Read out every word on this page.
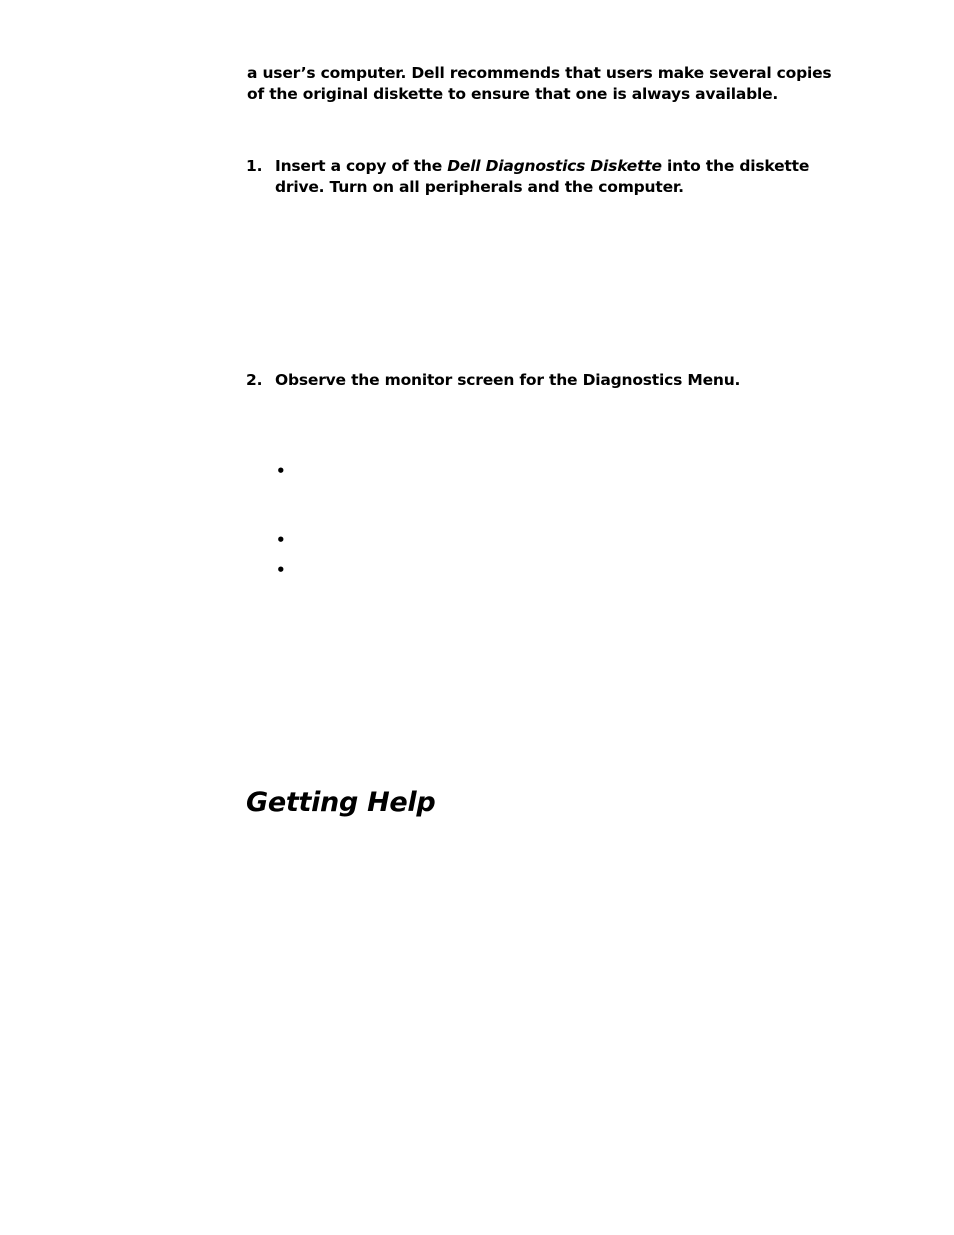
a user’s computer. Dell recommends that users make several copies
of the original diskette to ensure that one is always available.
1. Insert a copy of the Dell Diagnostics Diskette into the diskette
drive. Turn on all peripherals and the computer.
2. Observe the monitor screen for the Diagnostics Menu.
•
•
•
Getting Help
